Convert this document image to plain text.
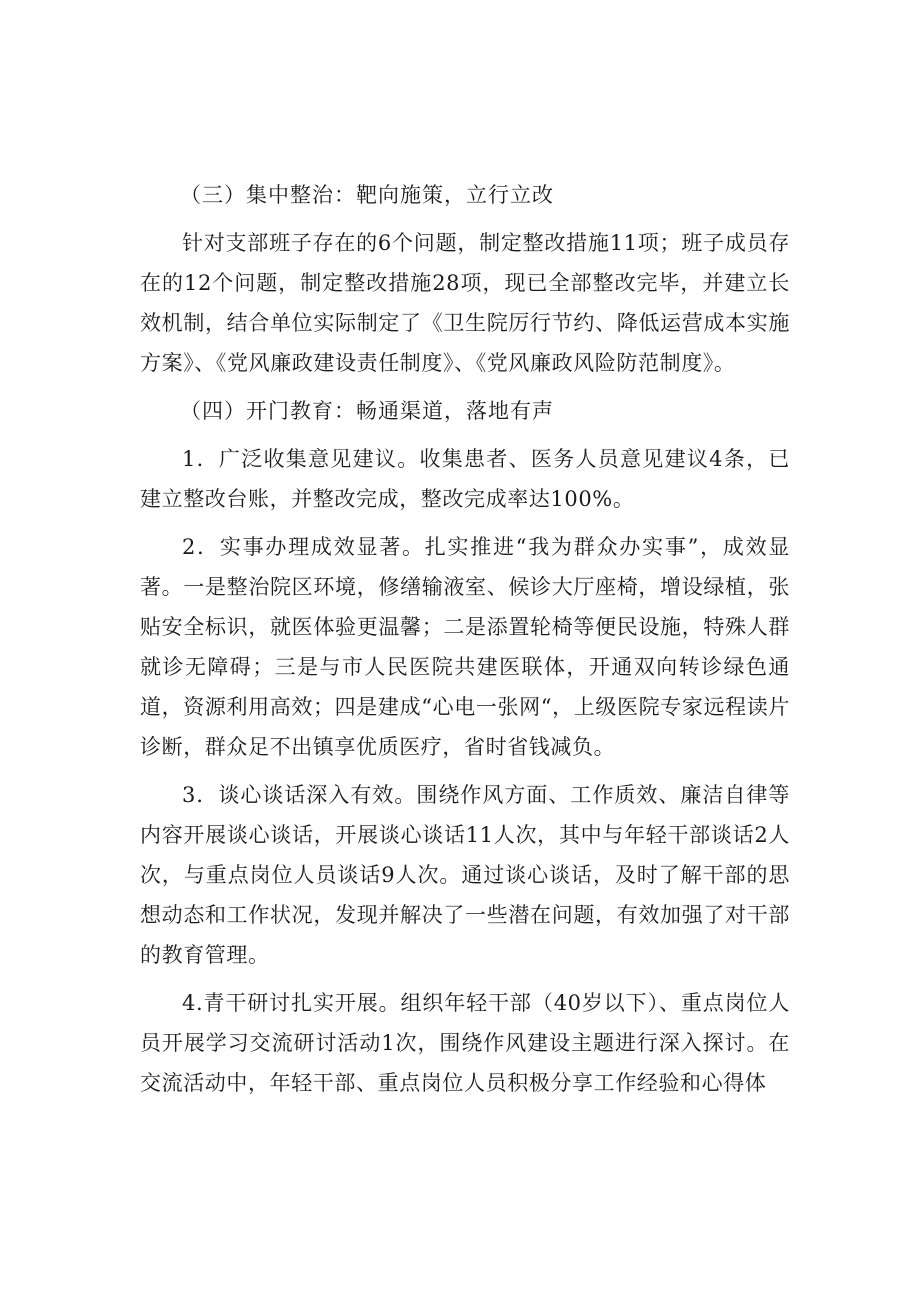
（三）集中整治：靶向施策，立行立改

针对支部班子存在的6个问题，制定整改措施11项；班子成员存在的12个问题，制定整改措施28项，现已全部整改完毕，并建立长效机制，结合单位实际制定了《卫生院厉行节约、降低运营成本实施方案》、《党风廉政建设责任制度》、《党风廉政风险防范制度》。

（四）开门教育：畅通渠道，落地有声

1．广泛收集意见建议。收集患者、医务人员意见建议4条，已建立整改台账，并整改完成，整改完成率达100%。

2．实事办理成效显著。扎实推进“我为群众办实事”，成效显著。一是整治院区环境，修缮输液室、候诊大厅座椅，增设绿植，张贴安全标识，就医体验更温馨；二是添置轮椅等便民设施，特殊人群就诊无障碍；三是与市人民医院共建医联体，开通双向转诊绿色通道，资源利用高效；四是建成“心电一张网“，上级医院专家远程读片诊断，群众足不出镇享优质医疗，省时省钱减负。

3．谈心谈话深入有效。围绕作风方面、工作质效、廉洁自律等内容开展谈心谈话，开展谈心谈话11人次，其中与年轻干部谈话2人次，与重点岗位人员谈话9人次。通过谈心谈话，及时了解干部的思想动态和工作状况，发现并解决了一些潜在问题，有效加强了对干部的教育管理。

4.青干研讨扎实开展。组织年轻干部（40岁以下）、重点岗位人员开展学习交流研讨活动1次，围绕作风建设主题进行深入探讨。在交流活动中，年轻干部、重点岗位人员积极分享工作经验和心得体
